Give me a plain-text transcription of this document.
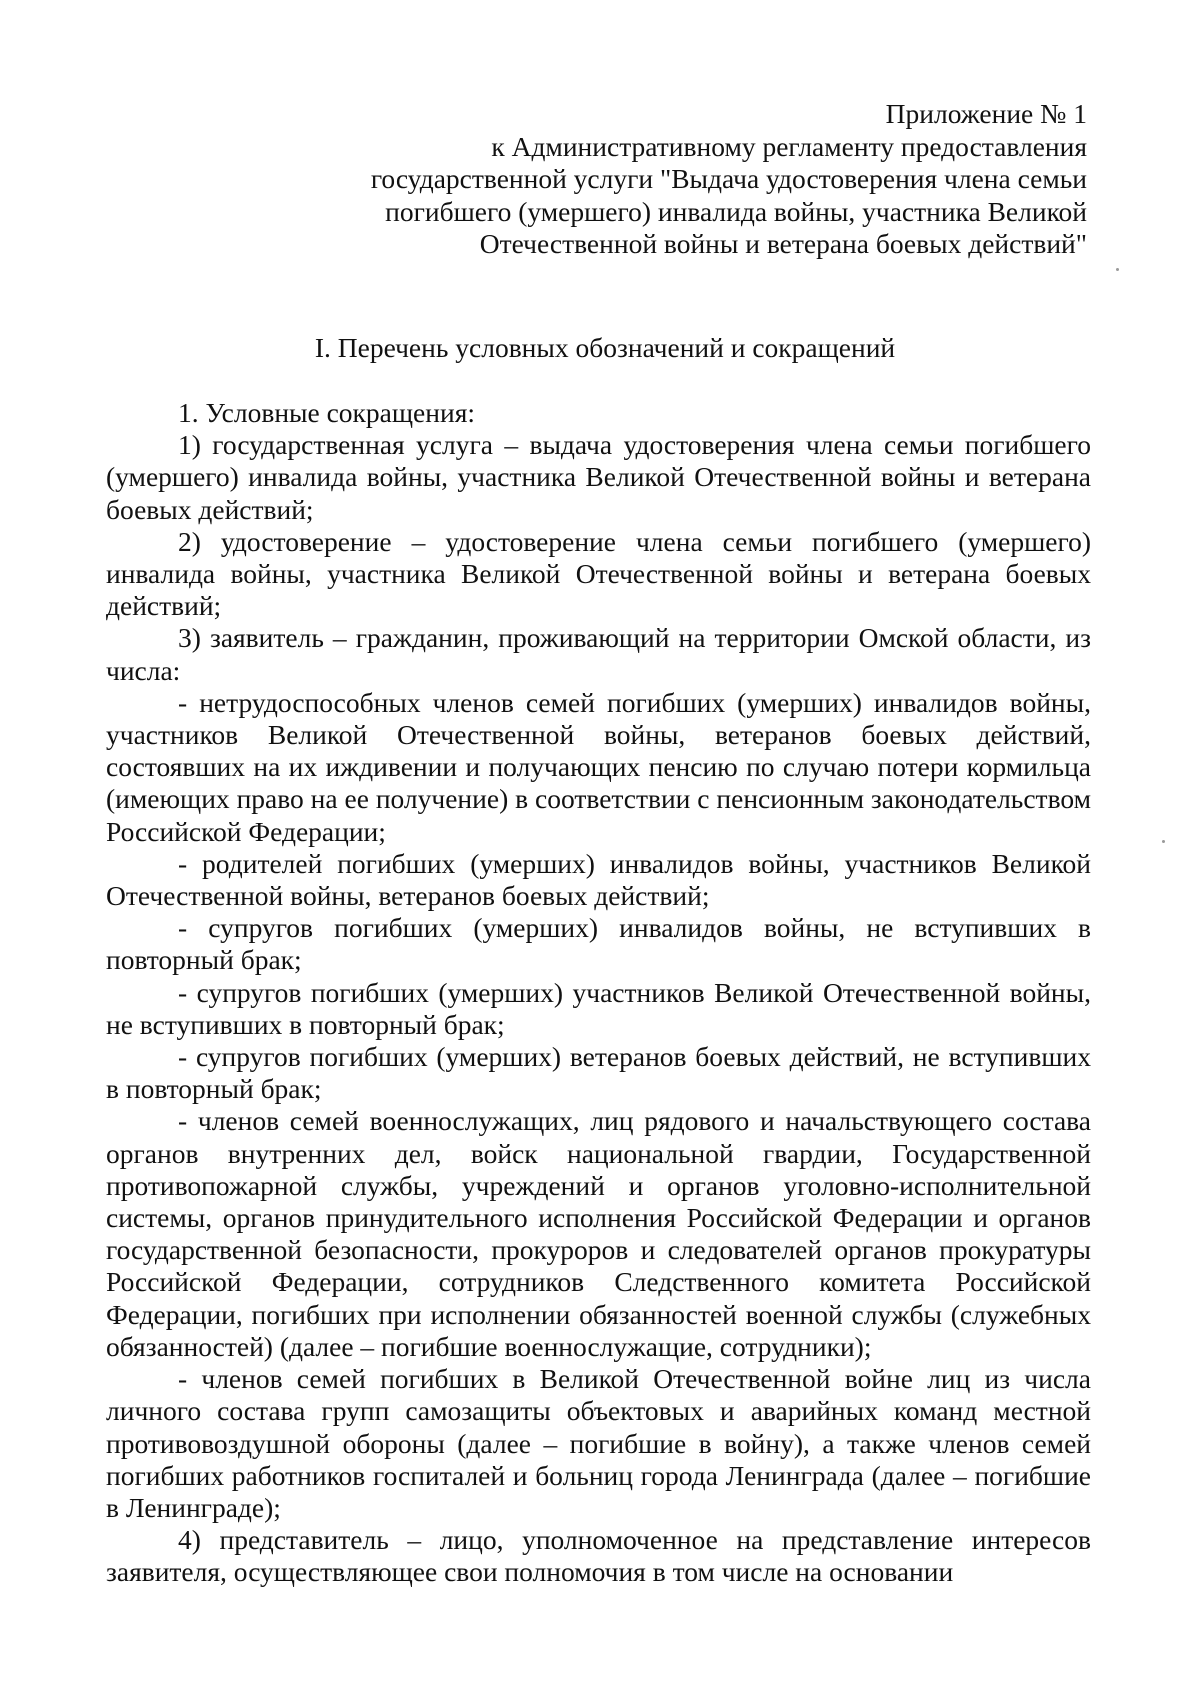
Приложение № 1
к Административному регламенту предоставления
государственной услуги "Выдача удостоверения члена семьи
погибшего (умершего) инвалида войны, участника Великой
Отечественной войны и ветерана боевых действий"
I. Перечень условных обозначений и сокращений

1. Условные сокращения:

1) государственная услуга – выдача удостоверения члена семьи погибшего (умершего) инвалида войны, участника Великой Отечественной войны и ветерана боевых действий;

2) удостоверение – удостоверение члена семьи погибшего (умершего) инвалида войны, участника Великой Отечественной войны и ветерана боевых действий;

3) заявитель – гражданин, проживающий на территории Омской области, из числа:

- нетрудоспособных членов семей погибших (умерших) инвалидов войны, участников Великой Отечественной войны, ветеранов боевых действий, состоявших на их иждивении и получающих пенсию по случаю потери кормильца (имеющих право на ее получение) в соответствии с пенсионным законодательством Российской Федерации;

- родителей погибших (умерших) инвалидов войны, участников Великой Отечественной войны, ветеранов боевых действий;

- супругов погибших (умерших) инвалидов войны, не вступивших в повторный брак;

- супругов погибших (умерших) участников Великой Отечественной войны, не вступивших в повторный брак;

- супругов погибших (умерших) ветеранов боевых действий, не вступивших в повторный брак;

- членов семей военнослужащих, лиц рядового и начальствующего состава органов внутренних дел, войск национальной гвардии, Государственной противопожарной службы, учреждений и органов уголовно-исполнительной системы, органов принудительного исполнения Российской Федерации и органов государственной безопасности, прокуроров и следователей органов прокуратуры Российской Федерации, сотрудников Следственного комитета Российской Федерации, погибших при исполнении обязанностей военной службы (служебных обязанностей) (далее – погибшие военнослужащие, сотрудники);

- членов семей погибших в Великой Отечественной войне лиц из числа личного состава групп самозащиты объектовых и аварийных команд местной противовоздушной обороны (далее – погибшие в войну), а также членов семей погибших работников госпиталей и больниц города Ленинграда (далее – погибшие в Ленинграде);

4) представитель – лицо, уполномоченное на представление интересов заявителя, осуществляющее свои полномочия в том числе на основании
